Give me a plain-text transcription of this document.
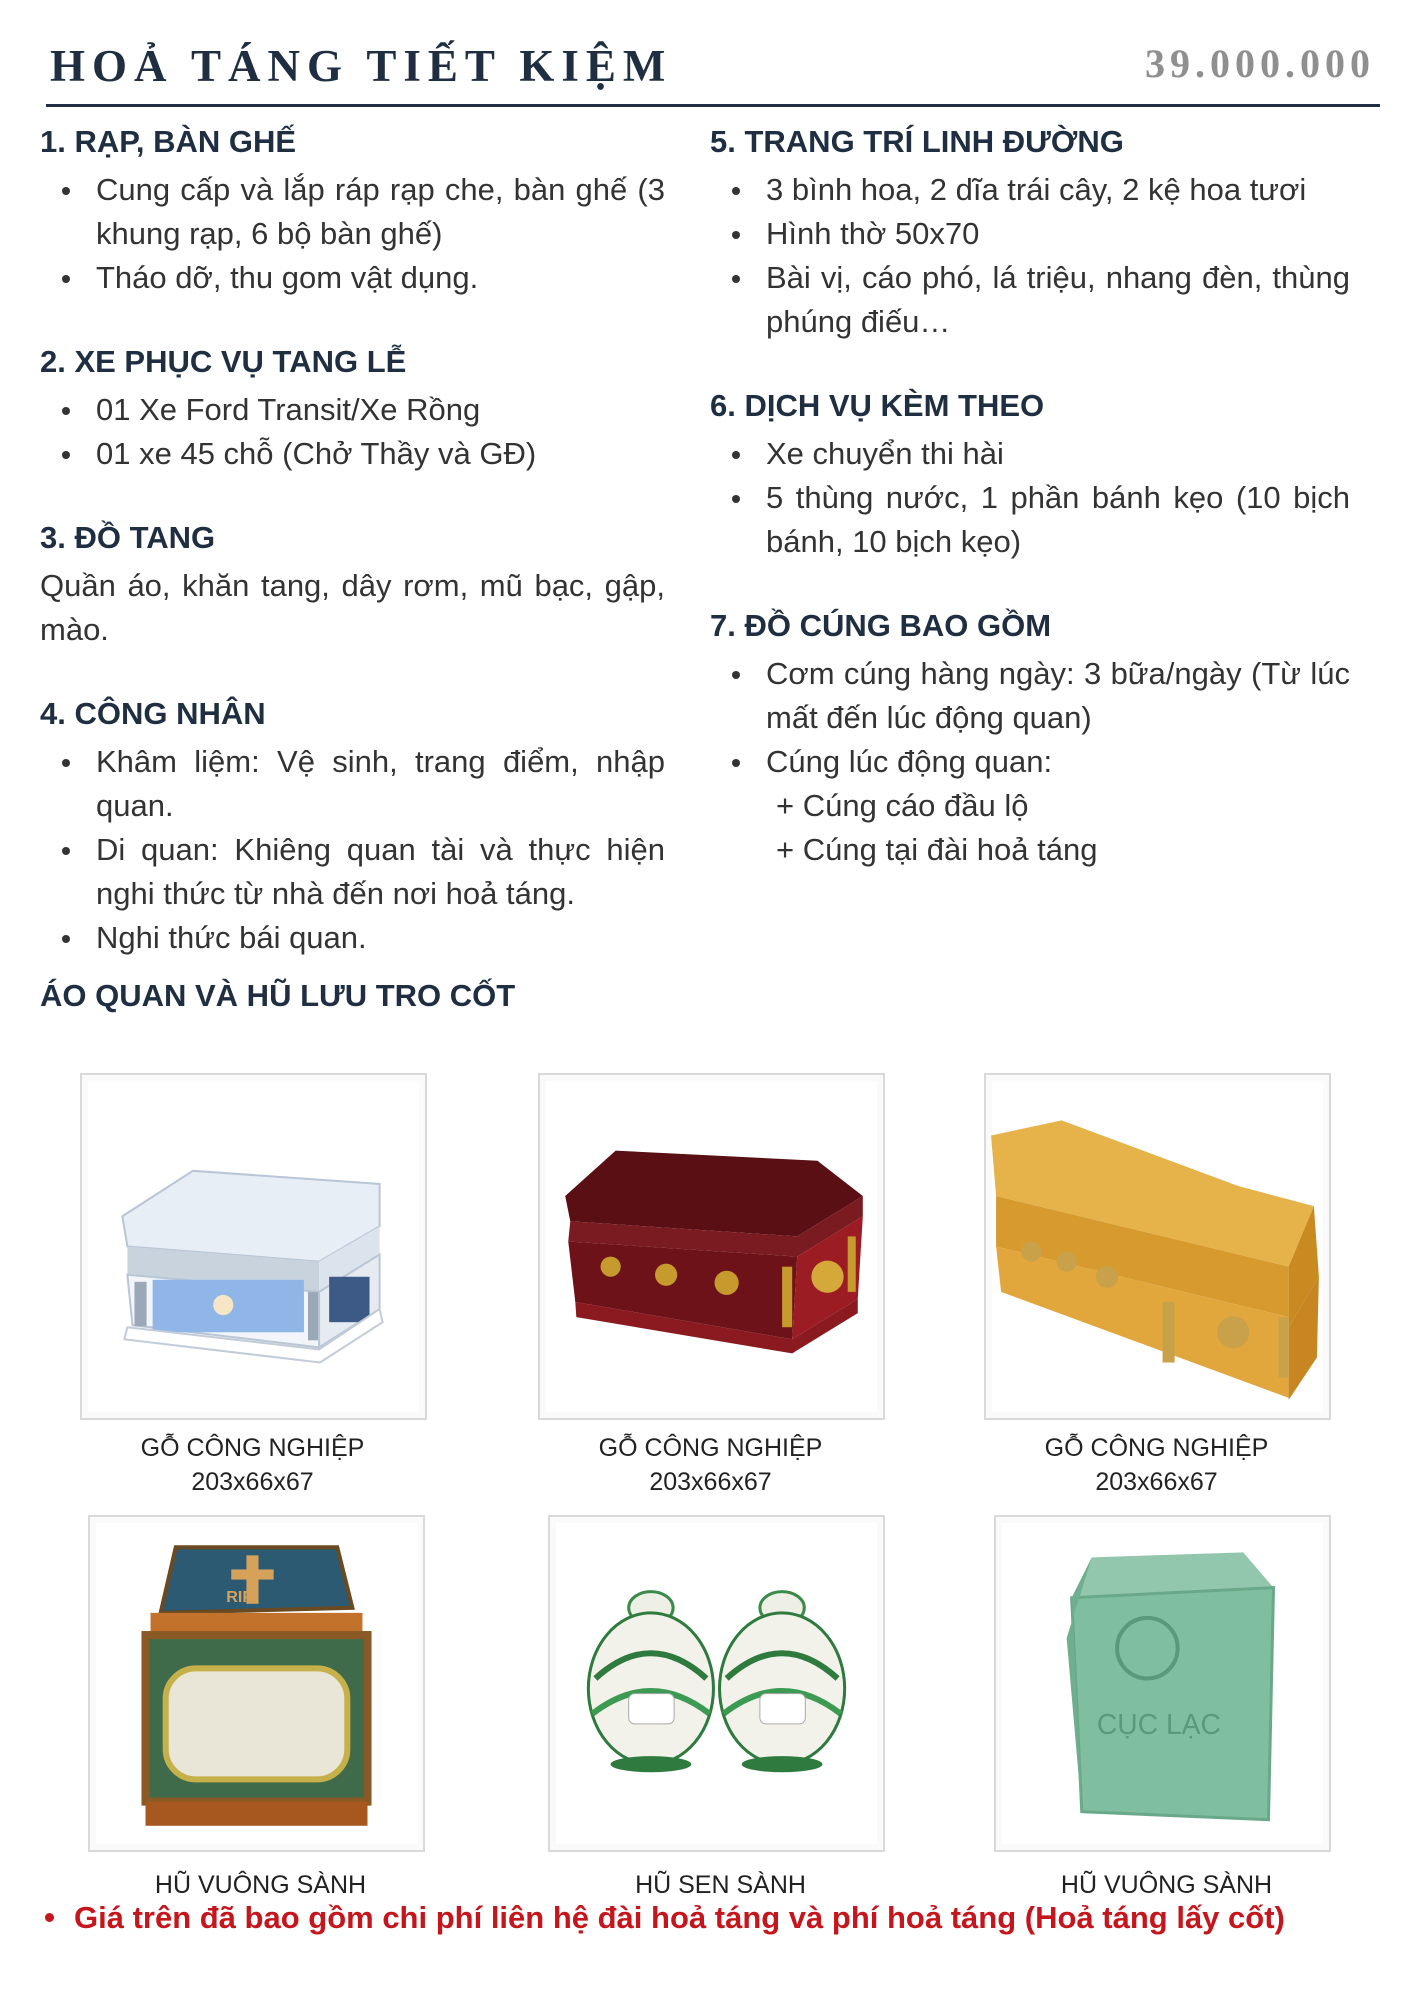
HOẢ TÁNG TIẾT KIỆM	39.000.000
1. RẠP, BÀN GHẾ
Cung cấp và lắp ráp rạp che, bàn ghế (3 khung rạp, 6 bộ bàn ghế)
Tháo dỡ, thu gom vật dụng.
2. XE PHỤC VỤ TANG LỄ
01 Xe Ford Transit/Xe Rồng
01 xe 45 chỗ (Chở Thầy và GĐ)
3. ĐỒ TANG
Quần áo, khăn tang, dây rơm, mũ bạc, gập, mào.
4. CÔNG NHÂN
Khâm liệm: Vệ sinh, trang điểm, nhập quan.
Di quan: Khiêng quan tài và thực hiện nghi thức từ nhà đến nơi hoả táng.
Nghi thức bái quan.
5. TRANG TRÍ LINH ĐƯỜNG
3 bình hoa, 2 dĩa trái cây, 2 kệ hoa tươi
Hình thờ 50x70
Bài vị, cáo phó, lá triệu, nhang đèn, thùng phúng điếu…
6. DỊCH VỤ KÈM THEO
Xe chuyển thi hài
5 thùng nước, 1 phần bánh kẹo (10 bịch bánh, 10 bịch kẹo)
7. ĐỒ CÚNG BAO GỒM
Cơm cúng hàng ngày: 3 bữa/ngày (Từ lúc mất đến lúc động quan)
Cúng lúc động quan:
+ Cúng cáo đầu lộ
+ Cúng tại đài hoả táng
ÁO QUAN VÀ HŨ LƯU TRO CỐT
GỖ CÔNG NGHIỆP
203x66x67
GỖ CÔNG NGHIỆP
203x66x67
GỖ CÔNG NGHIỆP
203x66x67
RIP
HŨ VUÔNG SÀNH	HŨ SEN SÀNH
CỤC LẠC
HŨ VUÔNG SÀNH
Giá trên đã bao gồm chi phí liên hệ đài hoả táng và phí hoả táng (Hoả táng lấy cốt)
